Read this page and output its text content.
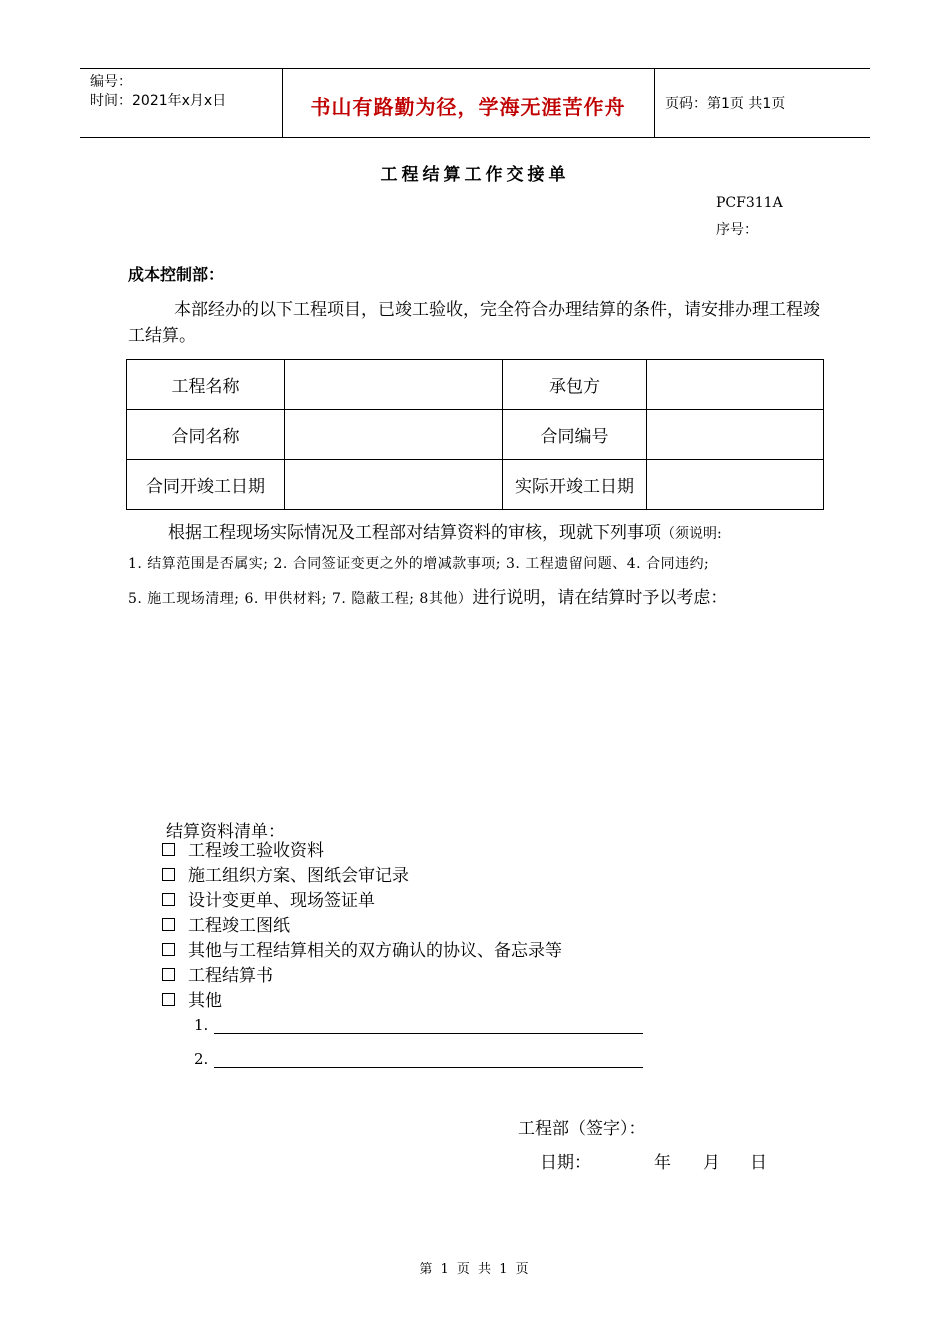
编号：
时间：2021年x月x日	书山有路勤为径，学海无涯苦作舟	页码：第1页 共1页
工程结算工作交接单
PCF311A
序号：
成本控制部：
本部经办的以下工程项目，已竣工验收，完全符合办理结算的条件，请安排办理工程竣工结算。
工程名称		承包方	
合同名称		合同编号	
合同开竣工日期		实际开竣工日期	
根据工程现场实际情况及工程部对结算资料的审核，现就下列事项（须说明:
1. 结算范围是否属实; 2. 合同签证变更之外的增减款事项; 3. 工程遗留问题、4. 合同违约;
5. 施工现场清理; 6. 甲供材料; 7. 隐蔽工程; 8其他）进行说明，请在结算时予以考虑：
结算资料清单：
工程竣工验收资料
施工组织方案、图纸会审记录
设计变更单、现场签证单
工程竣工图纸
其他与工程结算相关的双方确认的协议、备忘录等
工程结算书
其他
1.
2.
工程部（签字）：
日期：	年 月 日
第 1 页 共 1 页
